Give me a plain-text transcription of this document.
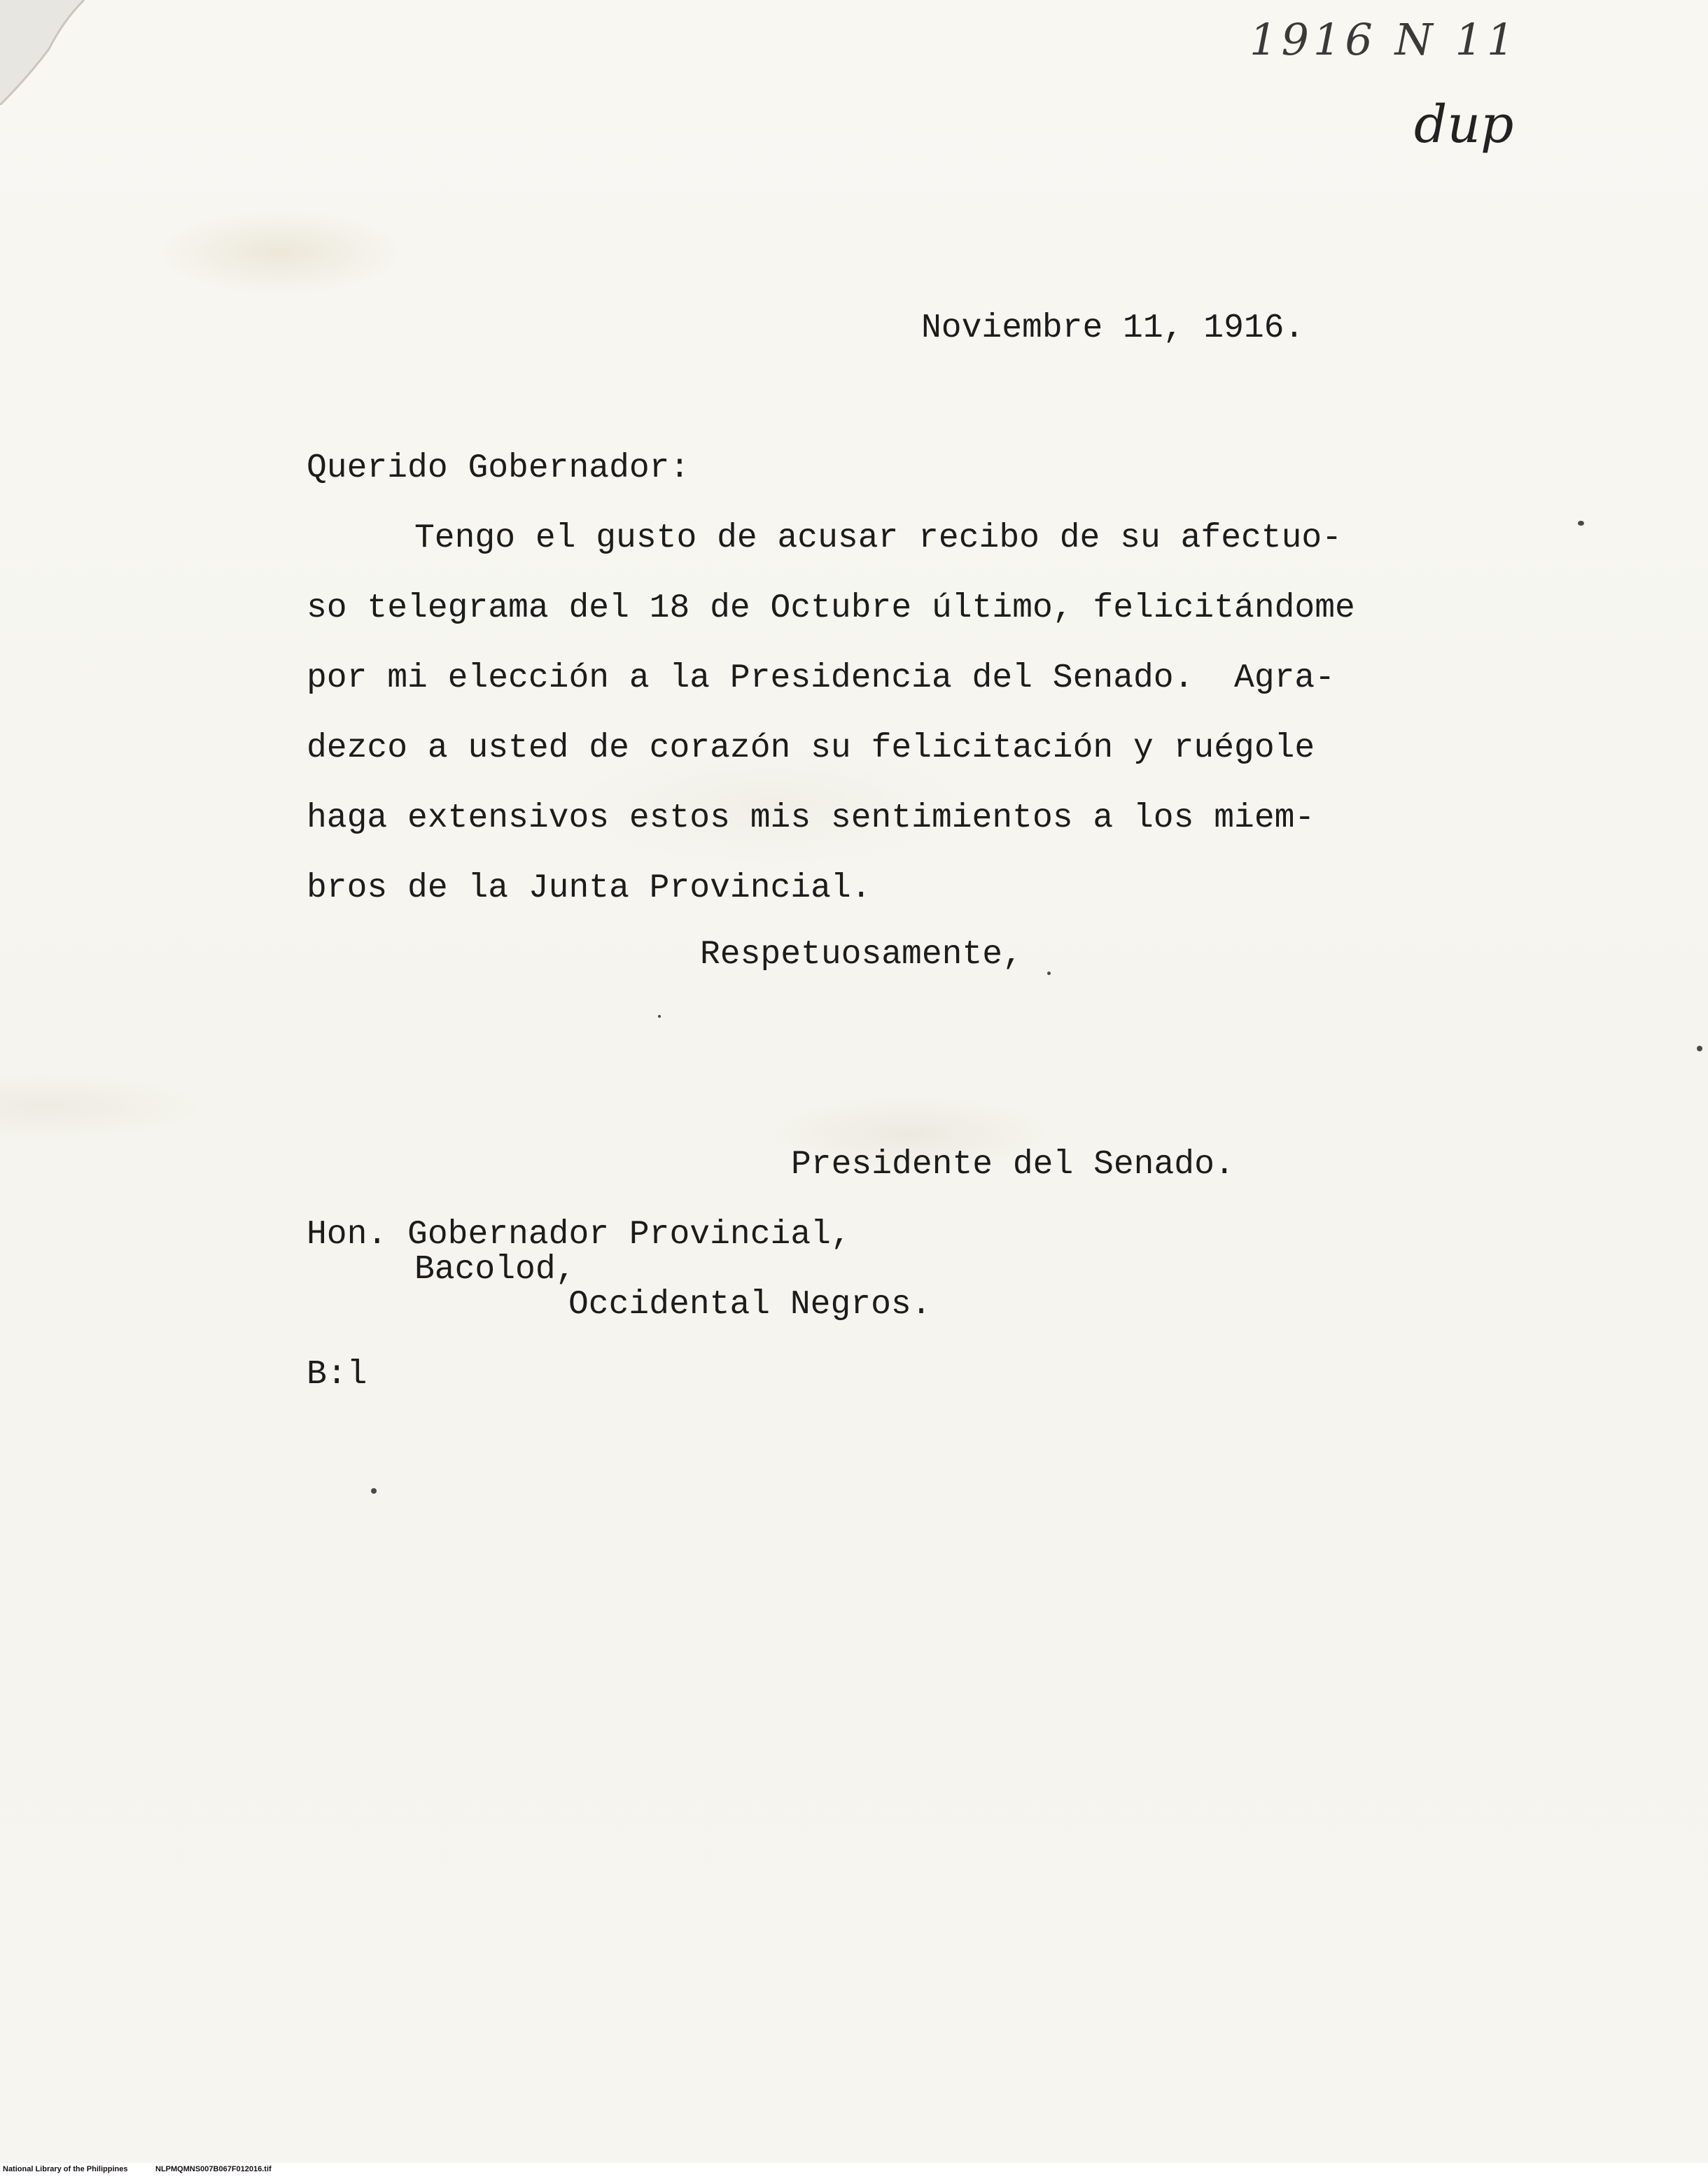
1916 N 11
dup
Noviembre 11, 1916.
Querido Gobernador:
Tengo el gusto de acusar recibo de su afectuo-
so telegrama del 18 de Octubre último, felicitándome
por mi elección a la Presidencia del Senado.  Agra-
dezco a usted de corazón su felicitación y ruégole
haga extensivos estos mis sentimientos a los miem-
bros de la Junta Provincial.
Respetuosamente,
Presidente del Senado.
Hon. Gobernador Provincial,
Bacolod,
Occidental Negros.
B:l
National Library of the Philippines	NLPMQMNS007B067F012016.tif
